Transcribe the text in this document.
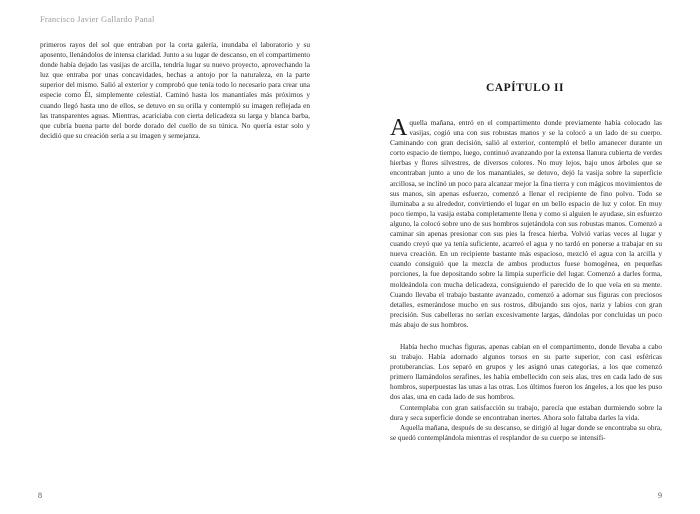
Francisco Javier Gallardo Panal

primeros rayos del sol que entraban por la corta galería, inundaba el laboratorio y su aposento, llenándolos de intensa claridad. Junto a su lugar de descanso, en el compartimento donde había dejado las vasijas de arcilla, tendría lugar su nuevo proyecto, aprovechando la luz que entraba por unas concavidades, hechas a antojo por la naturaleza, en la parte superior del mismo. Salió al exterior y comprobó que tenía todo lo necesario para crear una especie como Él, simplemente celestial. Caminó hasta los manantiales más próximos y cuando llegó hasta uno de ellos, se detuvo en su orilla y contempló su imagen reflejada en las transparentes aguas. Mientras, acariciaba con cierta delicadeza su larga y blanca barba, que cubría buena parte del borde dorado del cuello de su túnica. No quería estar solo y decidió que su creación sería a su imagen y semejanza.

8
CAPÍTULO II

Aquella mañana, entró en el compartimento donde previamente había colocado las vasijas, cogió una con sus robustas manos y se la colocó a un lado de su cuerpo. Caminando con gran decisión, salió al exterior, contempló el bello amanecer durante un corto espacio de tiempo, luego, continuó avanzando por la extensa llanura cubierta de verdes hierbas y flores silvestres, de diversos colores. No muy lejos, bajo unos árboles que se encontraban junto a uno de los manantiales, se detuvo, dejó la vasija sobre la superficie arcillosa, se inclinó un poco para alcanzar mejor la fina tierra y con mágicos movimientos de sus manos, sin apenas esfuerzo, comenzó a llenar el recipiente de fino polvo. Todo se iluminaba a su alrededor, convirtiendo el lugar en un bello espacio de luz y color. En muy poco tiempo, la vasija estaba completamente llena y como si alguien le ayudase, sin esfuerzo alguno, la colocó sobre uno de sus hombros sujetándola con sus robustas manos. Comenzó a caminar sin apenas presionar con sus pies la fresca hierba. Volvió varias veces al lugar y cuando creyó que ya tenía suficiente, acarreó el agua y no tardó en ponerse a trabajar en su nueva creación. En un recipiente bastante más espacioso, mezcló el agua con la arcilla y cuando consiguió que la mezcla de ambos productos fuese homogénea, en pequeñas porciones, la fue depositando sobre la limpia superficie del lugar. Comenzó a darles forma, moldeándola con mucha delicadeza, consiguiendo el parecido de lo que veía en su mente. Cuando llevaba el trabajo bastante avanzado, comenzó a adornar sus figuras con preciosos detalles, esmerándose mucho en sus rostros, dibujando sus ojos, nariz y labios con gran precisión. Sus cabelleras no serían excesivamente largas, dándolas por concluidas un poco más abajo de sus hombros.

Había hecho muchas figuras, apenas cabían en el compartimento, donde llevaba a cabo su trabajo. Había adornado algunos torsos en su parte superior, con casi esféricas protuberancias. Los separó en grupos y les asignó unas categorías, a los que comenzó primero llamándolos serafines, les había embellecido con seis alas, tres en cada lado de sus hombros, superpuestas las unas a las otras. Los últimos fueron los ángeles, a los que les puso dos alas, una en cada lado de sus hombros.

Contemplaba con gran satisfacción su trabajo, parecía que estaban durmiendo sobre la dura y seca superficie donde se encontraban inertes. Ahora solo faltaba darles la vida.

Aquella mañana, después de su descanso, se dirigió al lugar donde se encontraba su obra, se quedó contemplándola mientras el resplandor de su cuerpo se intensifi-

9
